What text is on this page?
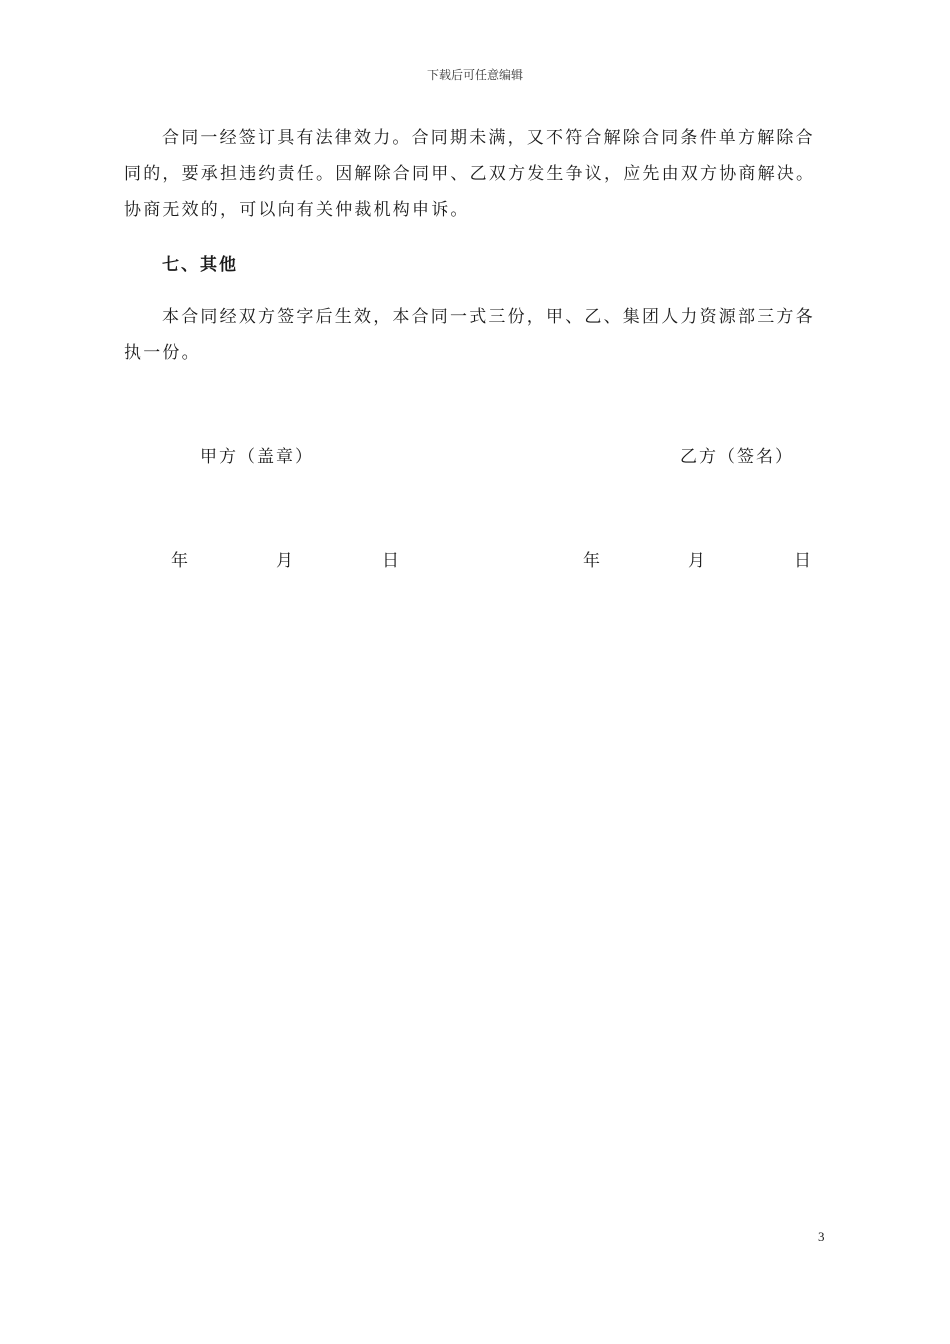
下载后可任意编辑
合同一经签订具有法律效力。合同期未满，又不符合解除合同条件单方解除合
同的，要承担违约责任。因解除合同甲、乙双方发生争议，应先由双方协商解决。
协商无效的，可以向有关仲裁机构申诉。
七、其他
本合同经双方签字后生效，本合同一式三份，甲、乙、集团人力资源部三方各
执一份。
甲方（盖章）	乙方（签名）
年	月	日	年	月	日
3
